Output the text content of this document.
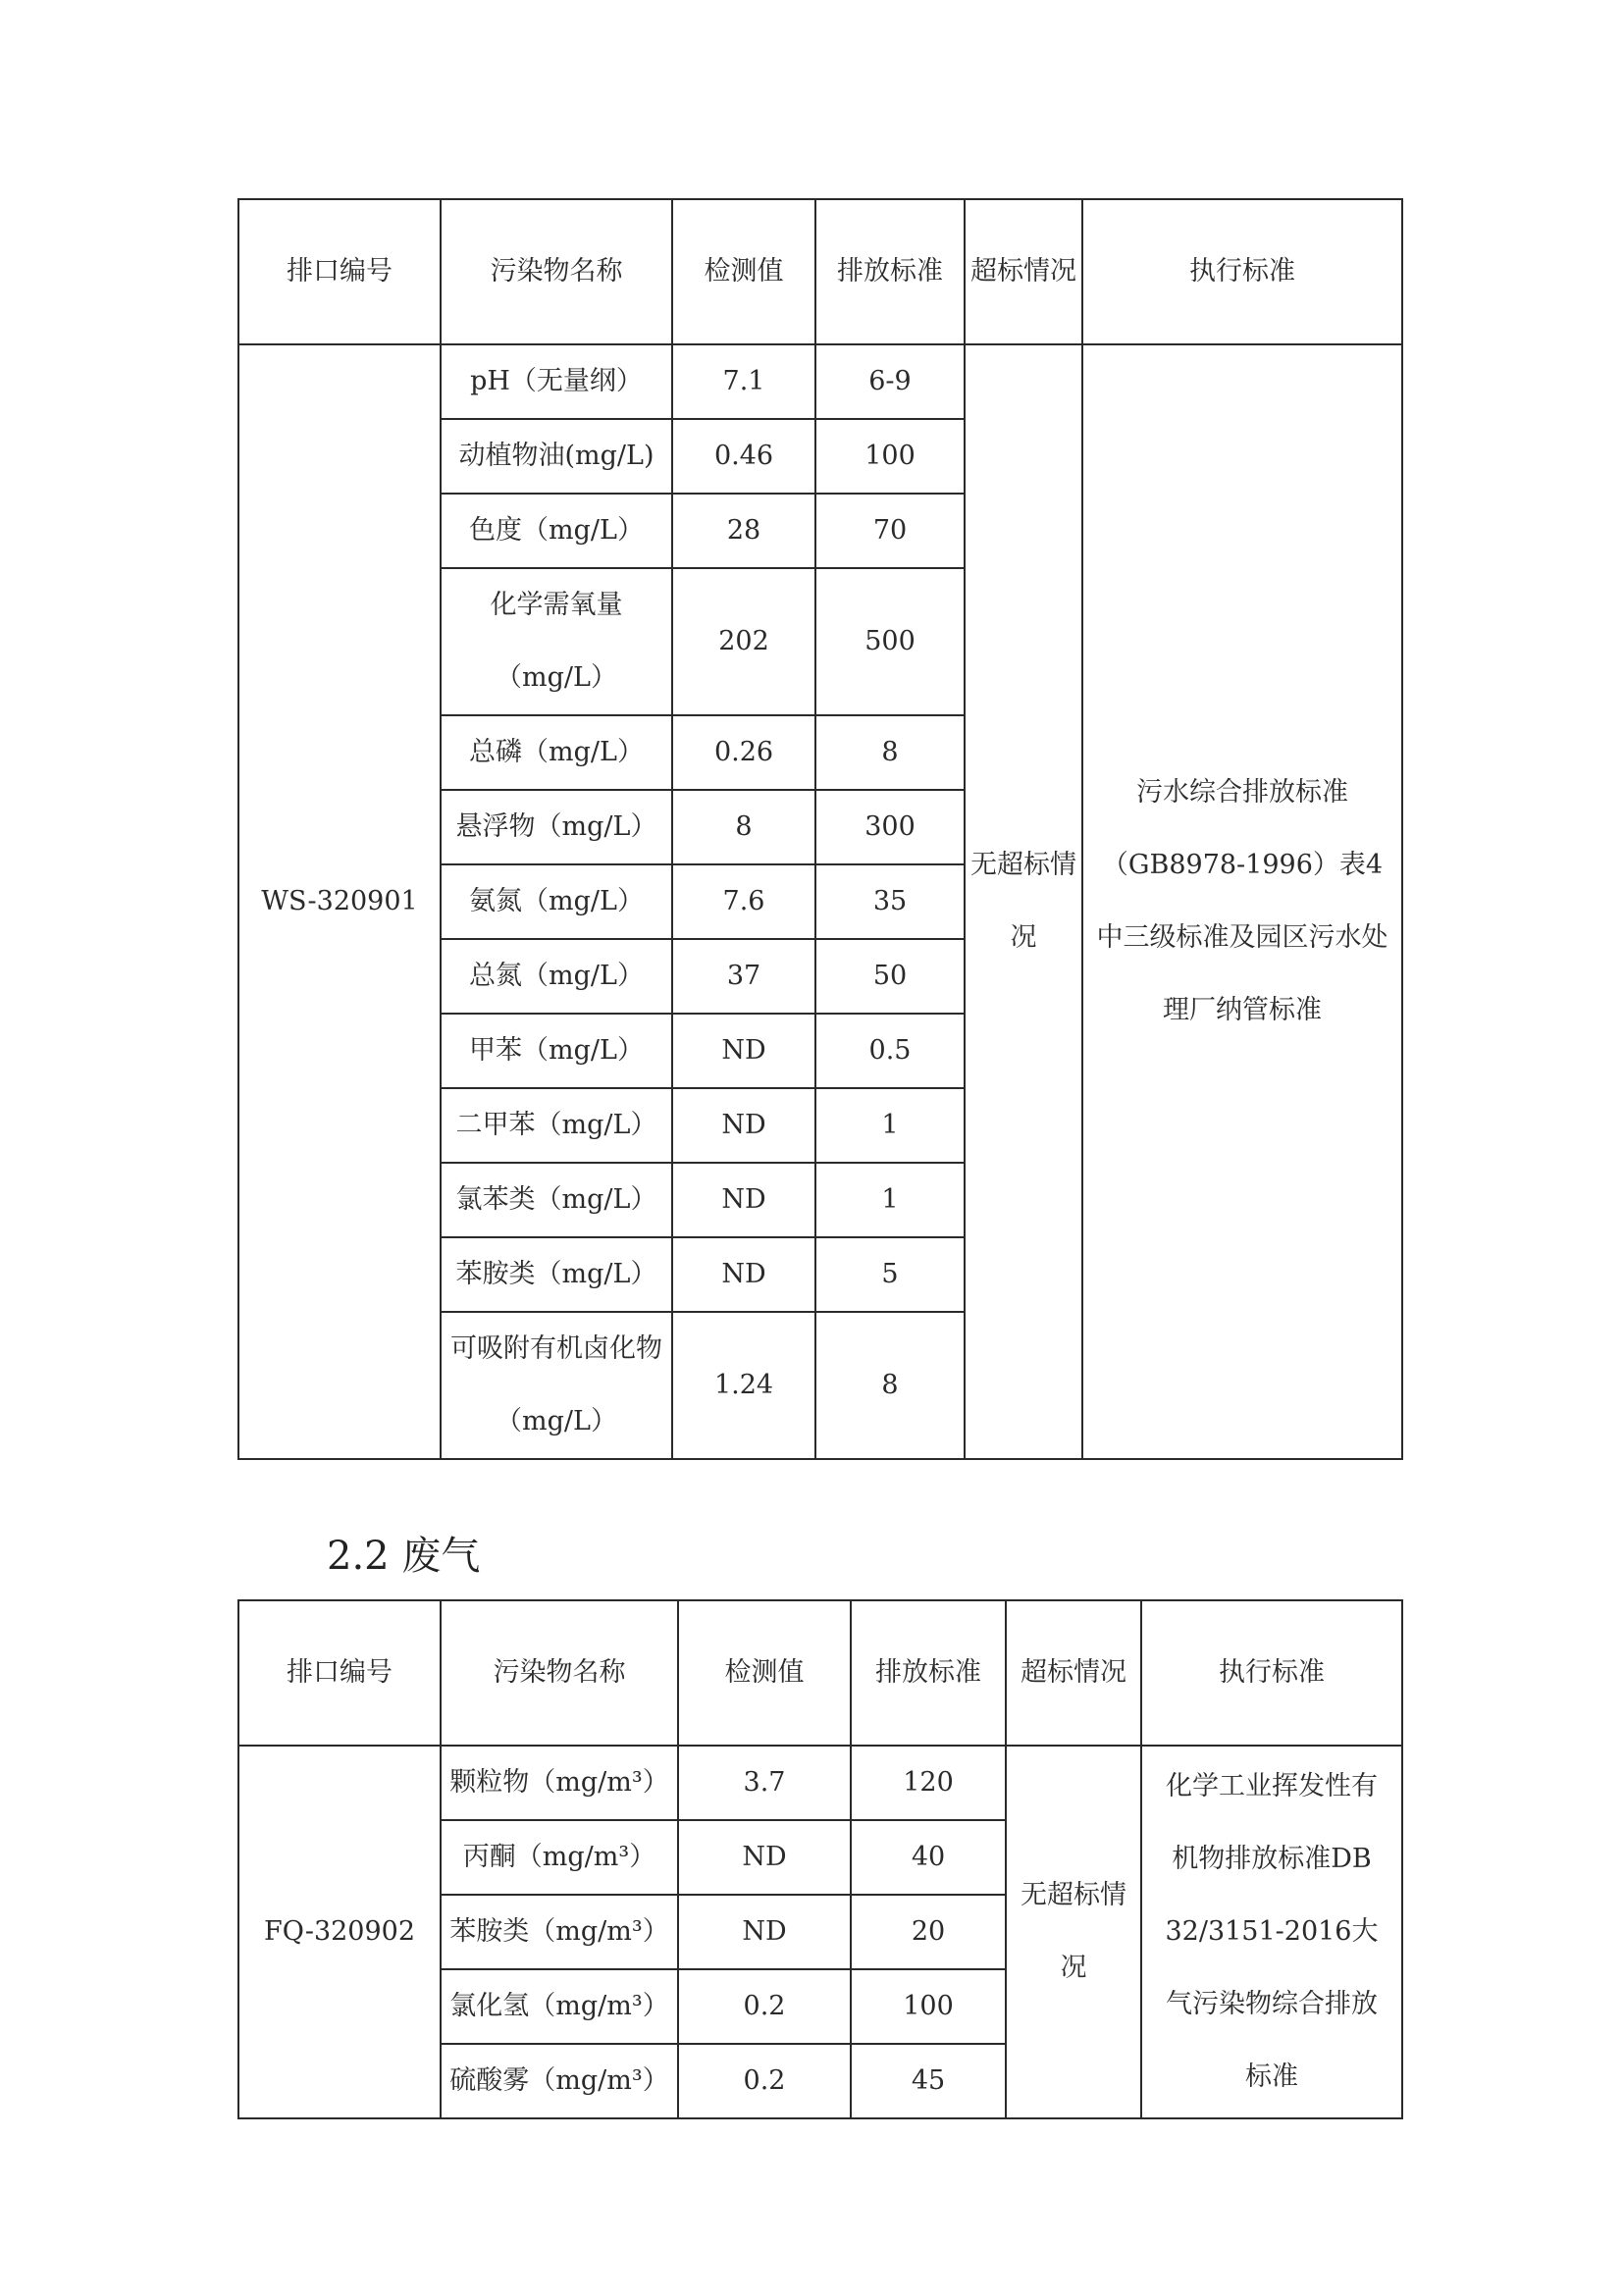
排口编号	污染物名称	检测值	排放标准	超标情况	执行标准
WS-320901	pH（无量纲）	7.1	6-9	无超标情况	污水综合排放标准（GB8978-1996）表4中三级标准及园区污水处理厂纳管标准
	动植物油(mg/L)	0.46	100		
	色度（mg/L）	28	70		
	化学需氧量（mg/L）	202	500		
	总磷（mg/L）	0.26	8		
	悬浮物（mg/L）	8	300		
	氨氮（mg/L）	7.6	35		
	总氮（mg/L）	37	50		
	甲苯（mg/L）	ND	0.5		
	二甲苯（mg/L）	ND	1		
	氯苯类（mg/L）	ND	1		
	苯胺类（mg/L）	ND	5		
	可吸附有机卤化物（mg/L）	1.24	8		
2.2 废气
排口编号	污染物名称	检测值	排放标准	超标情况	执行标准
FQ-320902	颗粒物（mg/m³）	3.7	120	无超标情况	化学工业挥发性有机物排放标准DB 32/3151-2016大气污染物综合排放标准
	丙酮（mg/m³）	ND	40		
	苯胺类（mg/m³）	ND	20		
	氯化氢（mg/m³）	0.2	100		
	硫酸雾（mg/m³）	0.2	45		
